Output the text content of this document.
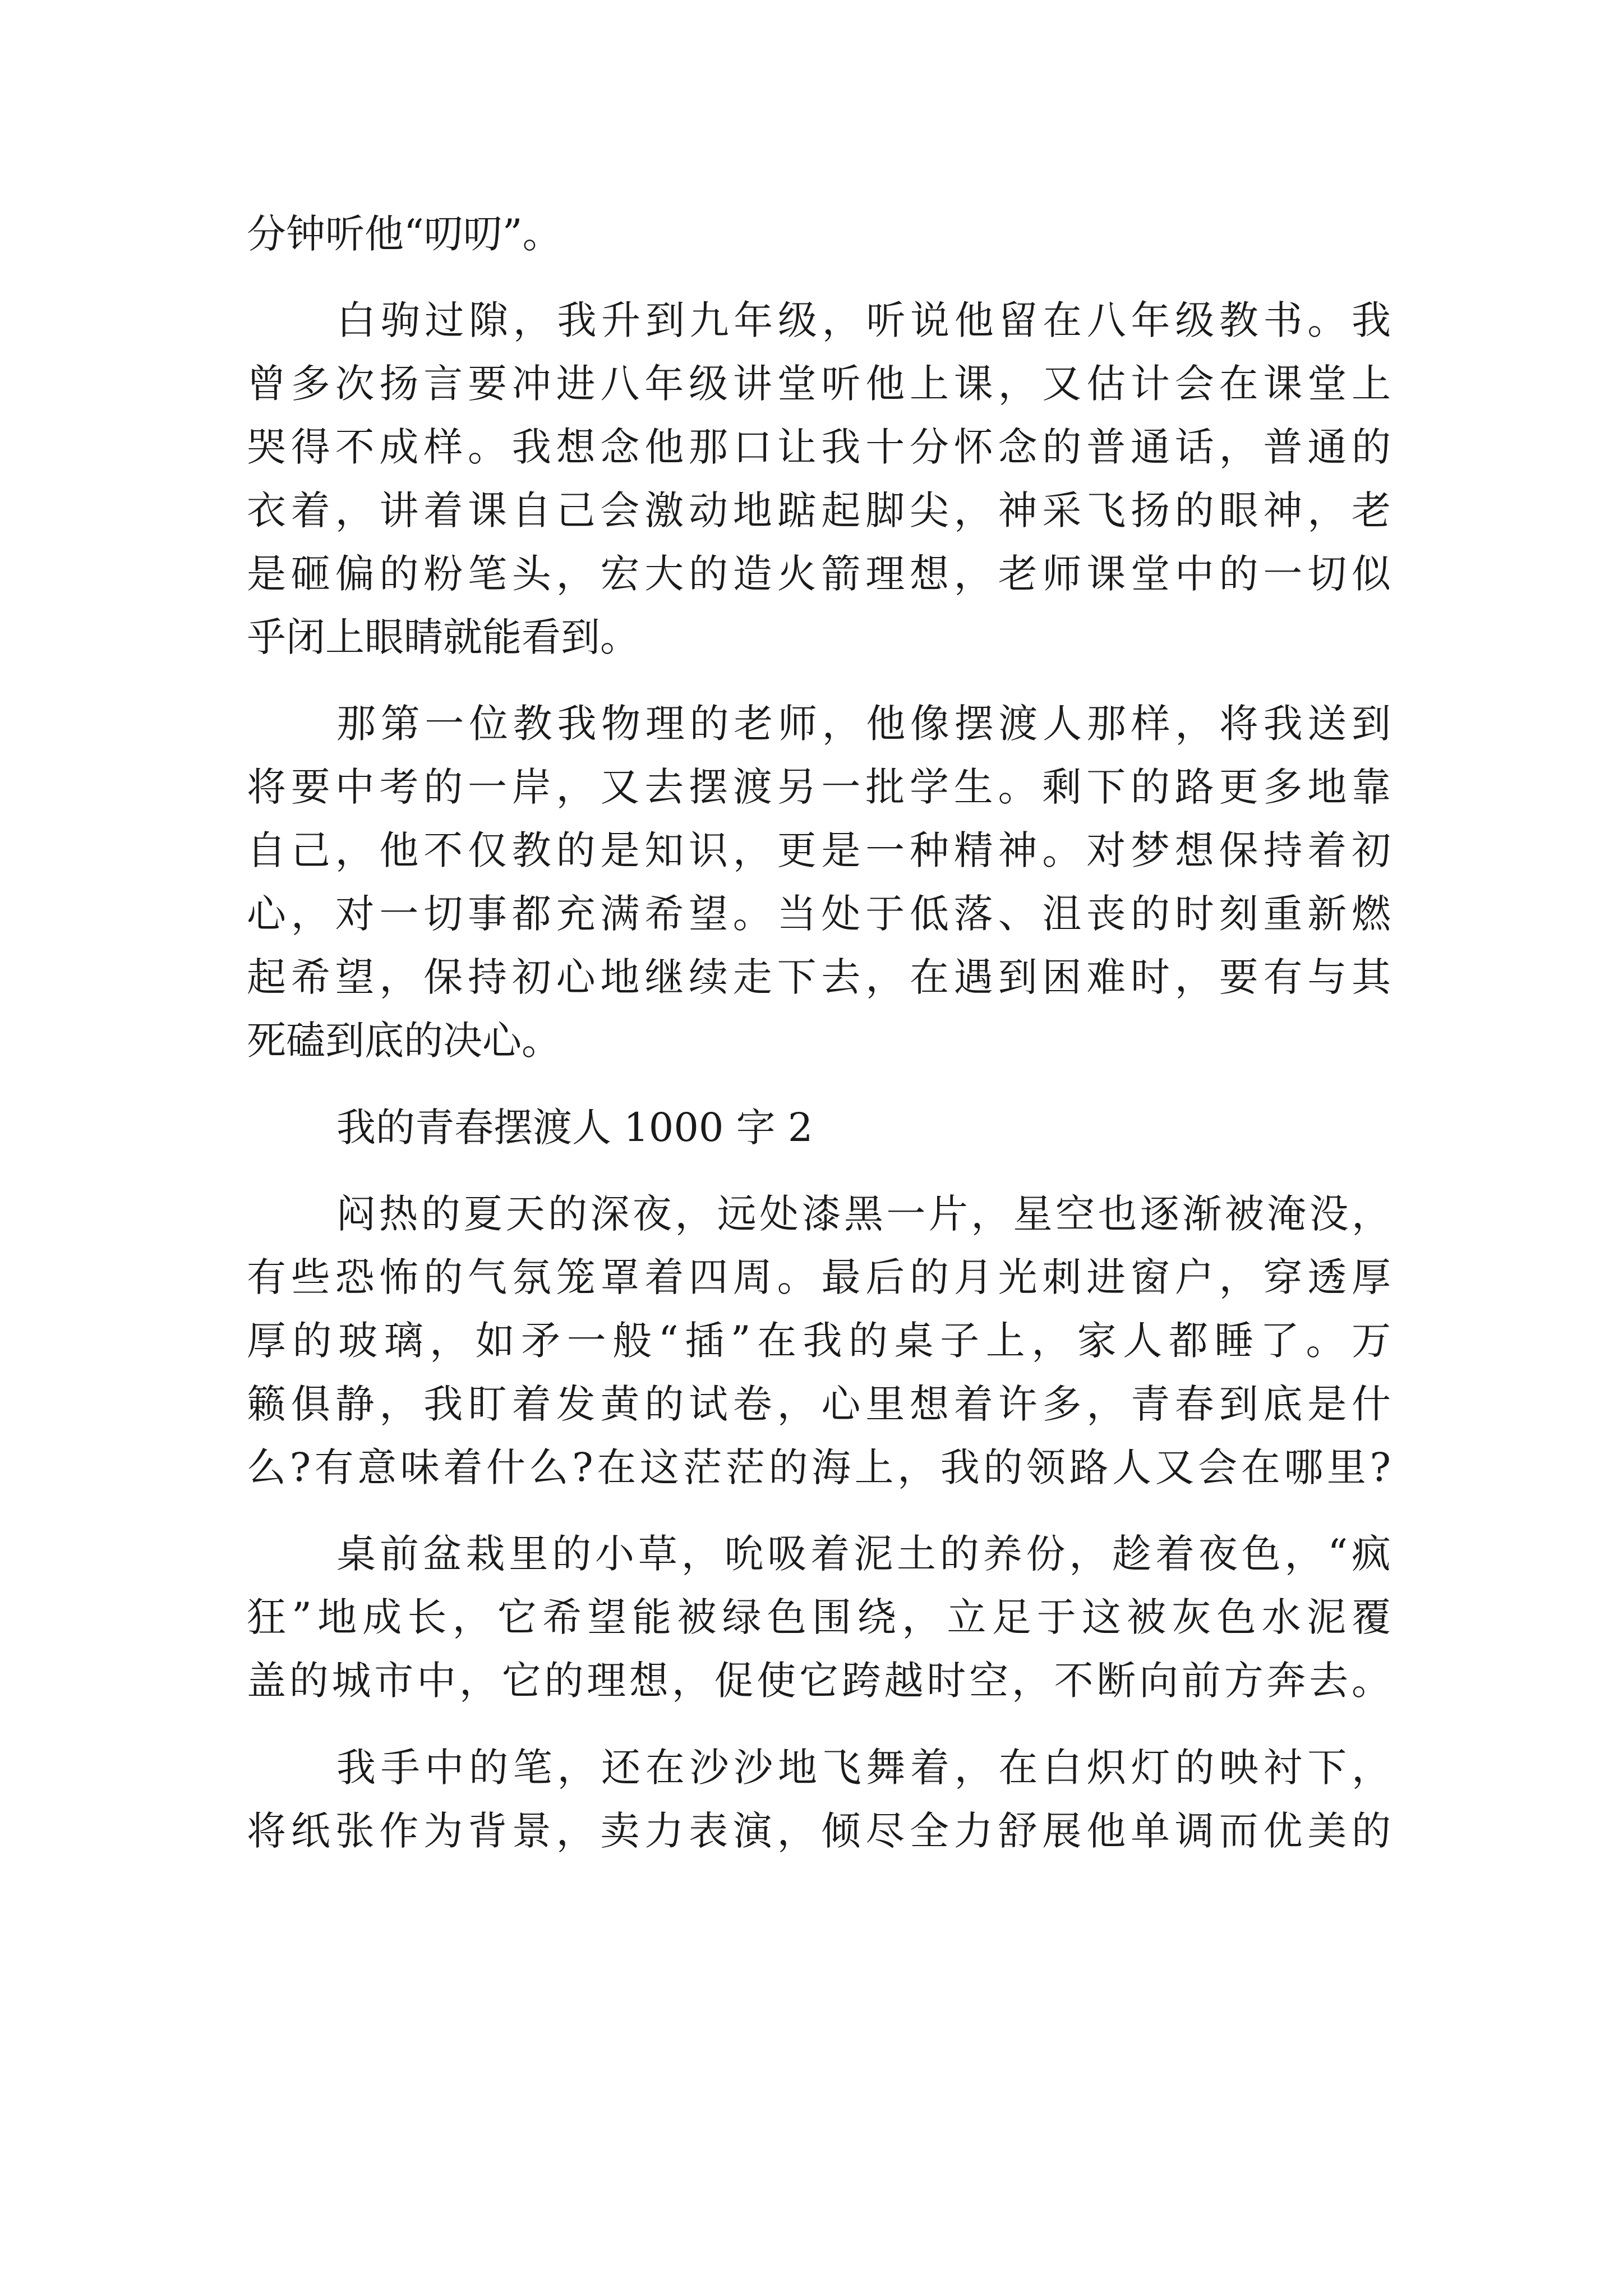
分钟听他“叨叨”。

白驹过隙，我升到九年级，听说他留在八年级教书。我

曾多次扬言要冲进八年级讲堂听他上课，又估计会在课堂上

哭得不成样。我想念他那口让我十分怀念的普通话，普通的

衣着，讲着课自己会激动地踮起脚尖，神采飞扬的眼神，老

是砸偏的粉笔头，宏大的造火箭理想，老师课堂中的一切似

乎闭上眼睛就能看到。

那第一位教我物理的老师，他像摆渡人那样，将我送到

将要中考的一岸，又去摆渡另一批学生。剩下的路更多地靠

自己，他不仅教的是知识，更是一种精神。对梦想保持着初

心，对一切事都充满希望。当处于低落、沮丧的时刻重新燃

起希望，保持初心地继续走下去，在遇到困难时，要有与其

死磕到底的决心。

我的青春摆渡人 1000 字 2

闷热的夏天的深夜，远处漆黑一片，星空也逐渐被淹没，

有些恐怖的气氛笼罩着四周。最后的月光刺进窗户，穿透厚

厚的玻璃，如矛一般“插”在我的桌子上，家人都睡了。万

籁俱静，我盯着发黄的试卷，心里想着许多，青春到底是什

么?有意味着什么?在这茫茫的海上，我的领路人又会在哪里?

桌前盆栽里的小草，吮吸着泥土的养份，趁着夜色，“疯

狂”地成长，它希望能被绿色围绕，立足于这被灰色水泥覆

盖的城市中，它的理想，促使它跨越时空，不断向前方奔去。

我手中的笔，还在沙沙地飞舞着，在白炽灯的映衬下，

将纸张作为背景，卖力表演，倾尽全力舒展他单调而优美的
